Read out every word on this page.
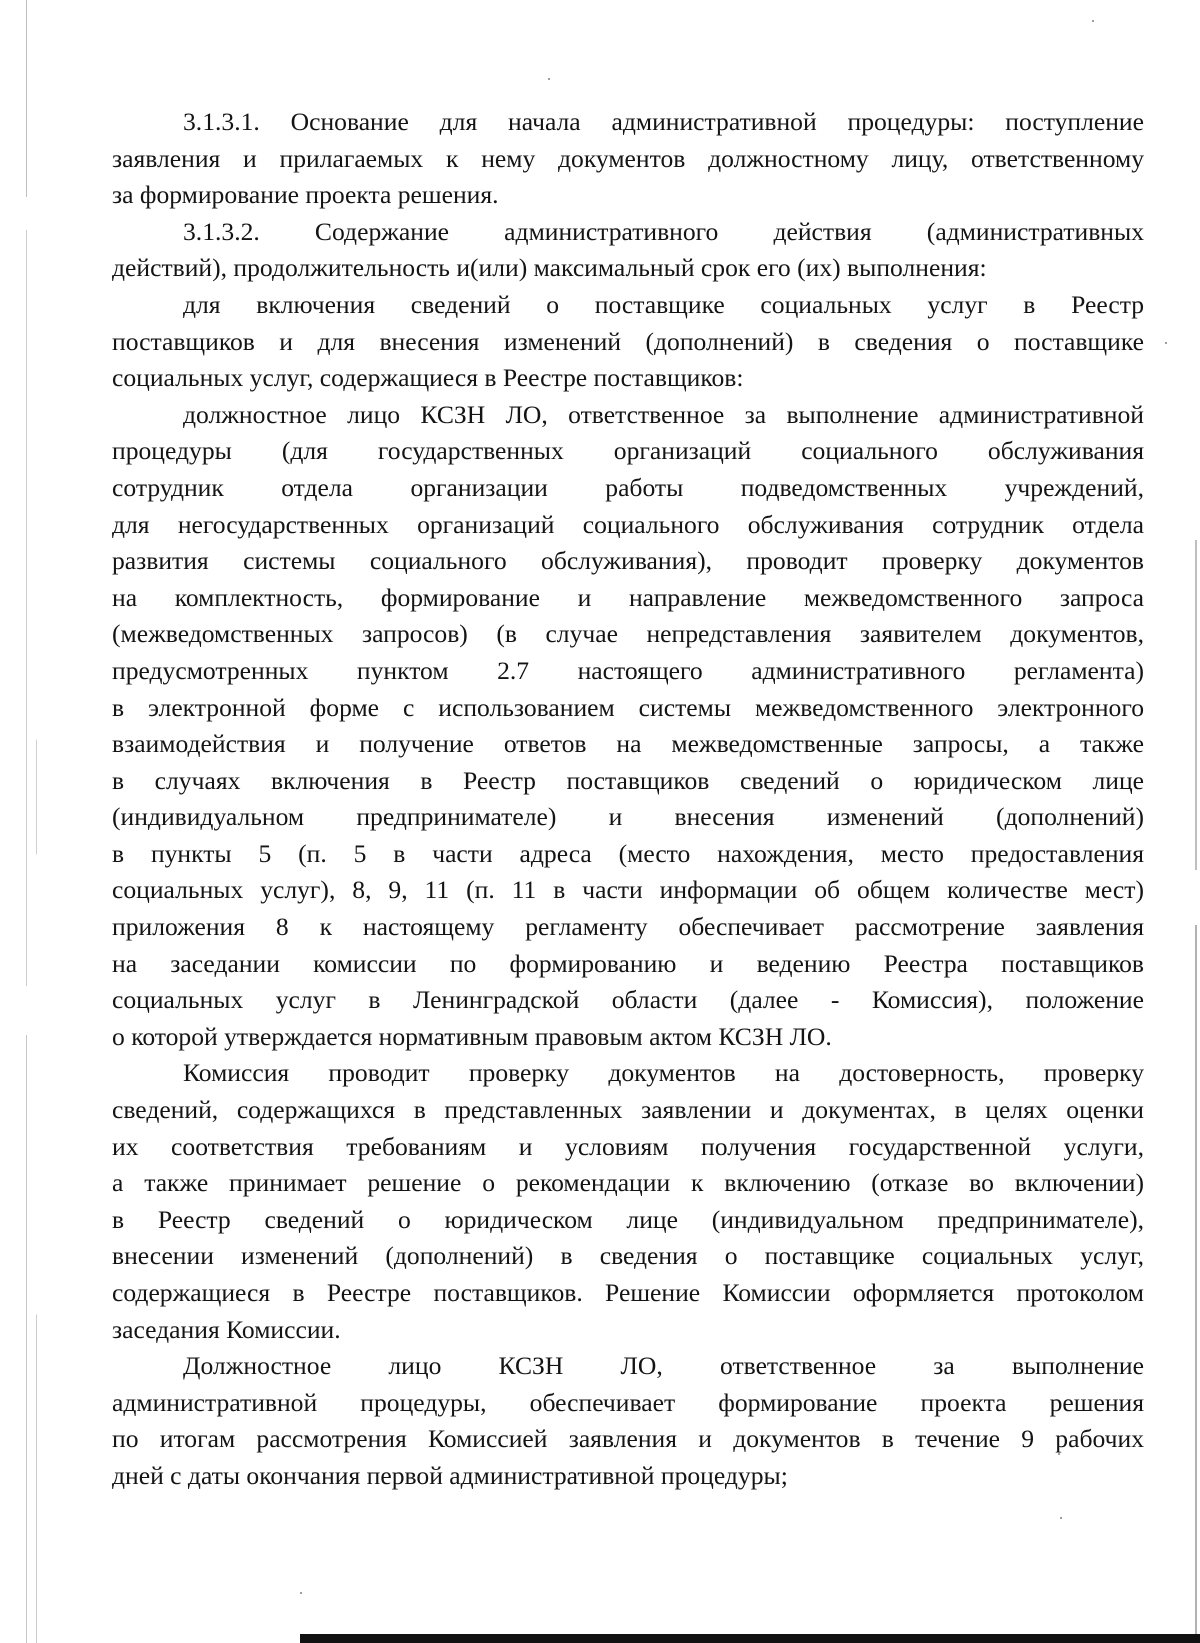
3.1.3.1. Основание для начала административной процедуры: поступление
заявления и прилагаемых к нему документов должностному лицу, ответственному
за формирование проекта решения.
3.1.3.2. Содержание административного действия (административных
действий), продолжительность и(или) максимальный срок его (их) выполнения:
для включения сведений о поставщике социальных услуг в Реестр
поставщиков и для внесения изменений (дополнений) в сведения о поставщике
социальных услуг, содержащиеся в Реестре поставщиков:
должностное лицо КСЗН ЛО, ответственное за выполнение административной
процедуры (для государственных организаций социального обслуживания
сотрудник отдела организации работы подведомственных учреждений,
для негосударственных организаций социального обслуживания сотрудник отдела
развития системы социального обслуживания), проводит проверку документов
на комплектность, формирование и направление межведомственного запроса
(межведомственных запросов) (в случае непредставления заявителем документов,
предусмотренных пунктом 2.7 настоящего административного регламента)
в электронной форме с использованием системы межведомственного электронного
взаимодействия и получение ответов на межведомственные запросы, а также
в случаях включения в Реестр поставщиков сведений о юридическом лице
(индивидуальном предпринимателе) и внесения изменений (дополнений)
в пункты 5 (п. 5 в части адреса (место нахождения, место предоставления
социальных услуг), 8, 9, 11 (п. 11 в части информации об общем количестве мест)
приложения 8 к настоящему регламенту обеспечивает рассмотрение заявления
на заседании комиссии по формированию и ведению Реестра поставщиков
социальных услуг в Ленинградской области (далее - Комиссия), положение
о которой утверждается нормативным правовым актом КСЗН ЛО.
Комиссия проводит проверку документов на достоверность, проверку
сведений, содержащихся в представленных заявлении и документах, в целях оценки
их соответствия требованиям и условиям получения государственной услуги,
а также принимает решение о рекомендации к включению (отказе во включении)
в Реестр сведений о юридическом лице (индивидуальном предпринимателе),
внесении изменений (дополнений) в сведения о поставщике социальных услуг,
содержащиеся в Реестре поставщиков. Решение Комиссии оформляется протоколом
заседания Комиссии.
Должностное лицо КСЗН ЛО, ответственное за выполнение
административной процедуры, обеспечивает формирование проекта решения
по итогам рассмотрения Комиссией заявления и документов в течение 9 рабочих
дней с даты окончания первой административной процедуры;
